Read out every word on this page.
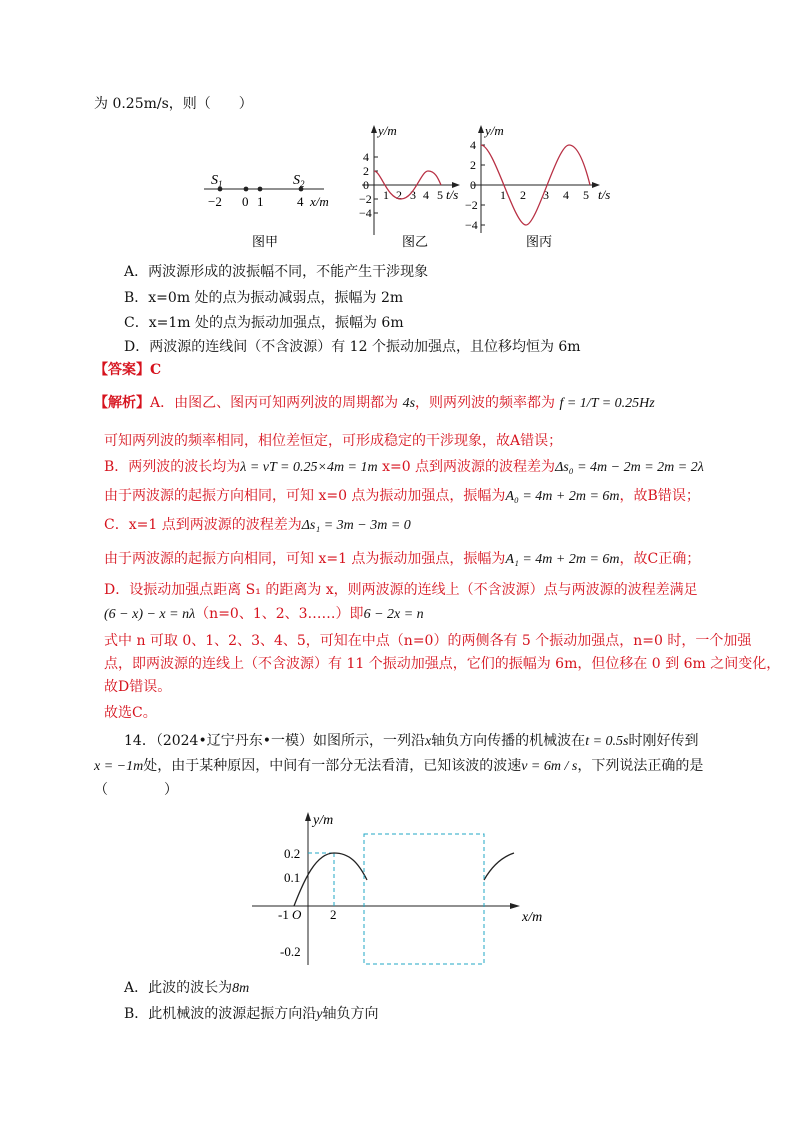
为 0.25m/s，则（　　）
$S_1$	$S_2$
−2 0 1	4 x/m
图甲
y/m
4
2
0
−2
−4
1 2 3 4 5 t/s
图乙
y/m
4
2
0
−2
−4
1 2 3 4 5 t/s
图丙
A．两波源形成的波振幅不同，不能产生干涉现象
B．x=0m 处的点为振动减弱点，振幅为 2m
C．x=1m 处的点为振动加强点，振幅为 6m
D．两波源的连线间（不含波源）有 12 个振动加强点，且位移均恒为 6m
【答案】C
【解析】A．由图乙、图丙可知两列波的周期都为 4s，则两列波的频率都为 f = 1/T = 0.25Hz
可知两列波的频率相同，相位差恒定，可形成稳定的干涉现象，故A错误；
B．两列波的波长均为λ = vT = 0.25×4m = 1m x=0 点到两波源的波程差为Δs₀ = 4m − 2m = 2m = 2λ
由于两波源的起振方向相同，可知 x=0 点为振动加强点，振幅为A₀ = 4m + 2m = 6m，故B错误；
C．x=1 点到两波源的波程差为Δs₁ = 3m − 3m = 0
由于两波源的起振方向相同，可知 x=1 点为振动加强点，振幅为A₁ = 4m + 2m = 6m，故C正确；
D．设振动加强点距离 S₁ 的距离为 x，则两波源的连线上（不含波源）点与两波源的波程差满足
(6 − x) − x = nλ（n=0、1、2、3……）即6 − 2x = n
式中 n 可取 0、1、2、3、4、5，可知在中点（n=0）的两侧各有 5 个振动加强点，n=0 时，一个加强
点，即两波源的连线上（不含波源）有 11 个振动加强点，它们的振幅为 6m，但位移在 0 到 6m 之间变化，
故D错误。
故选C。
14．（2024•辽宁丹东•一模）如图所示，一列沿x轴负方向传播的机械波在t = 0.5s时刚好传到
x = −1m处，由于某种原因，中间有一部分无法看清，已知该波的波速v = 6m / s，下列说法正确的是
（　　　　）
y/m
x/m
0.2
0.1
-0.2
-1 O 2
A．此波的波长为8m
B．此机械波的波源起振方向沿y轴负方向
